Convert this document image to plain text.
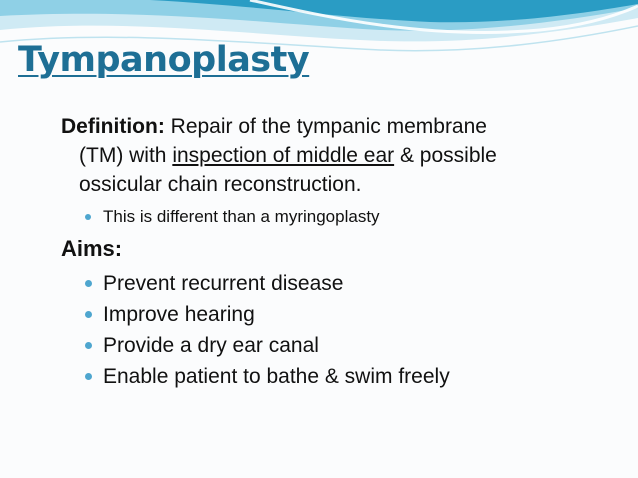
Tympanoplasty

Definition: Repair of the tympanic membrane
(TM) with inspection of middle ear & possible
ossicular chain reconstruction.

This is different than a myringoplasty
Aims:
Prevent recurrent disease
Improve hearing
Provide a dry ear canal
Enable patient to bathe & swim freely
